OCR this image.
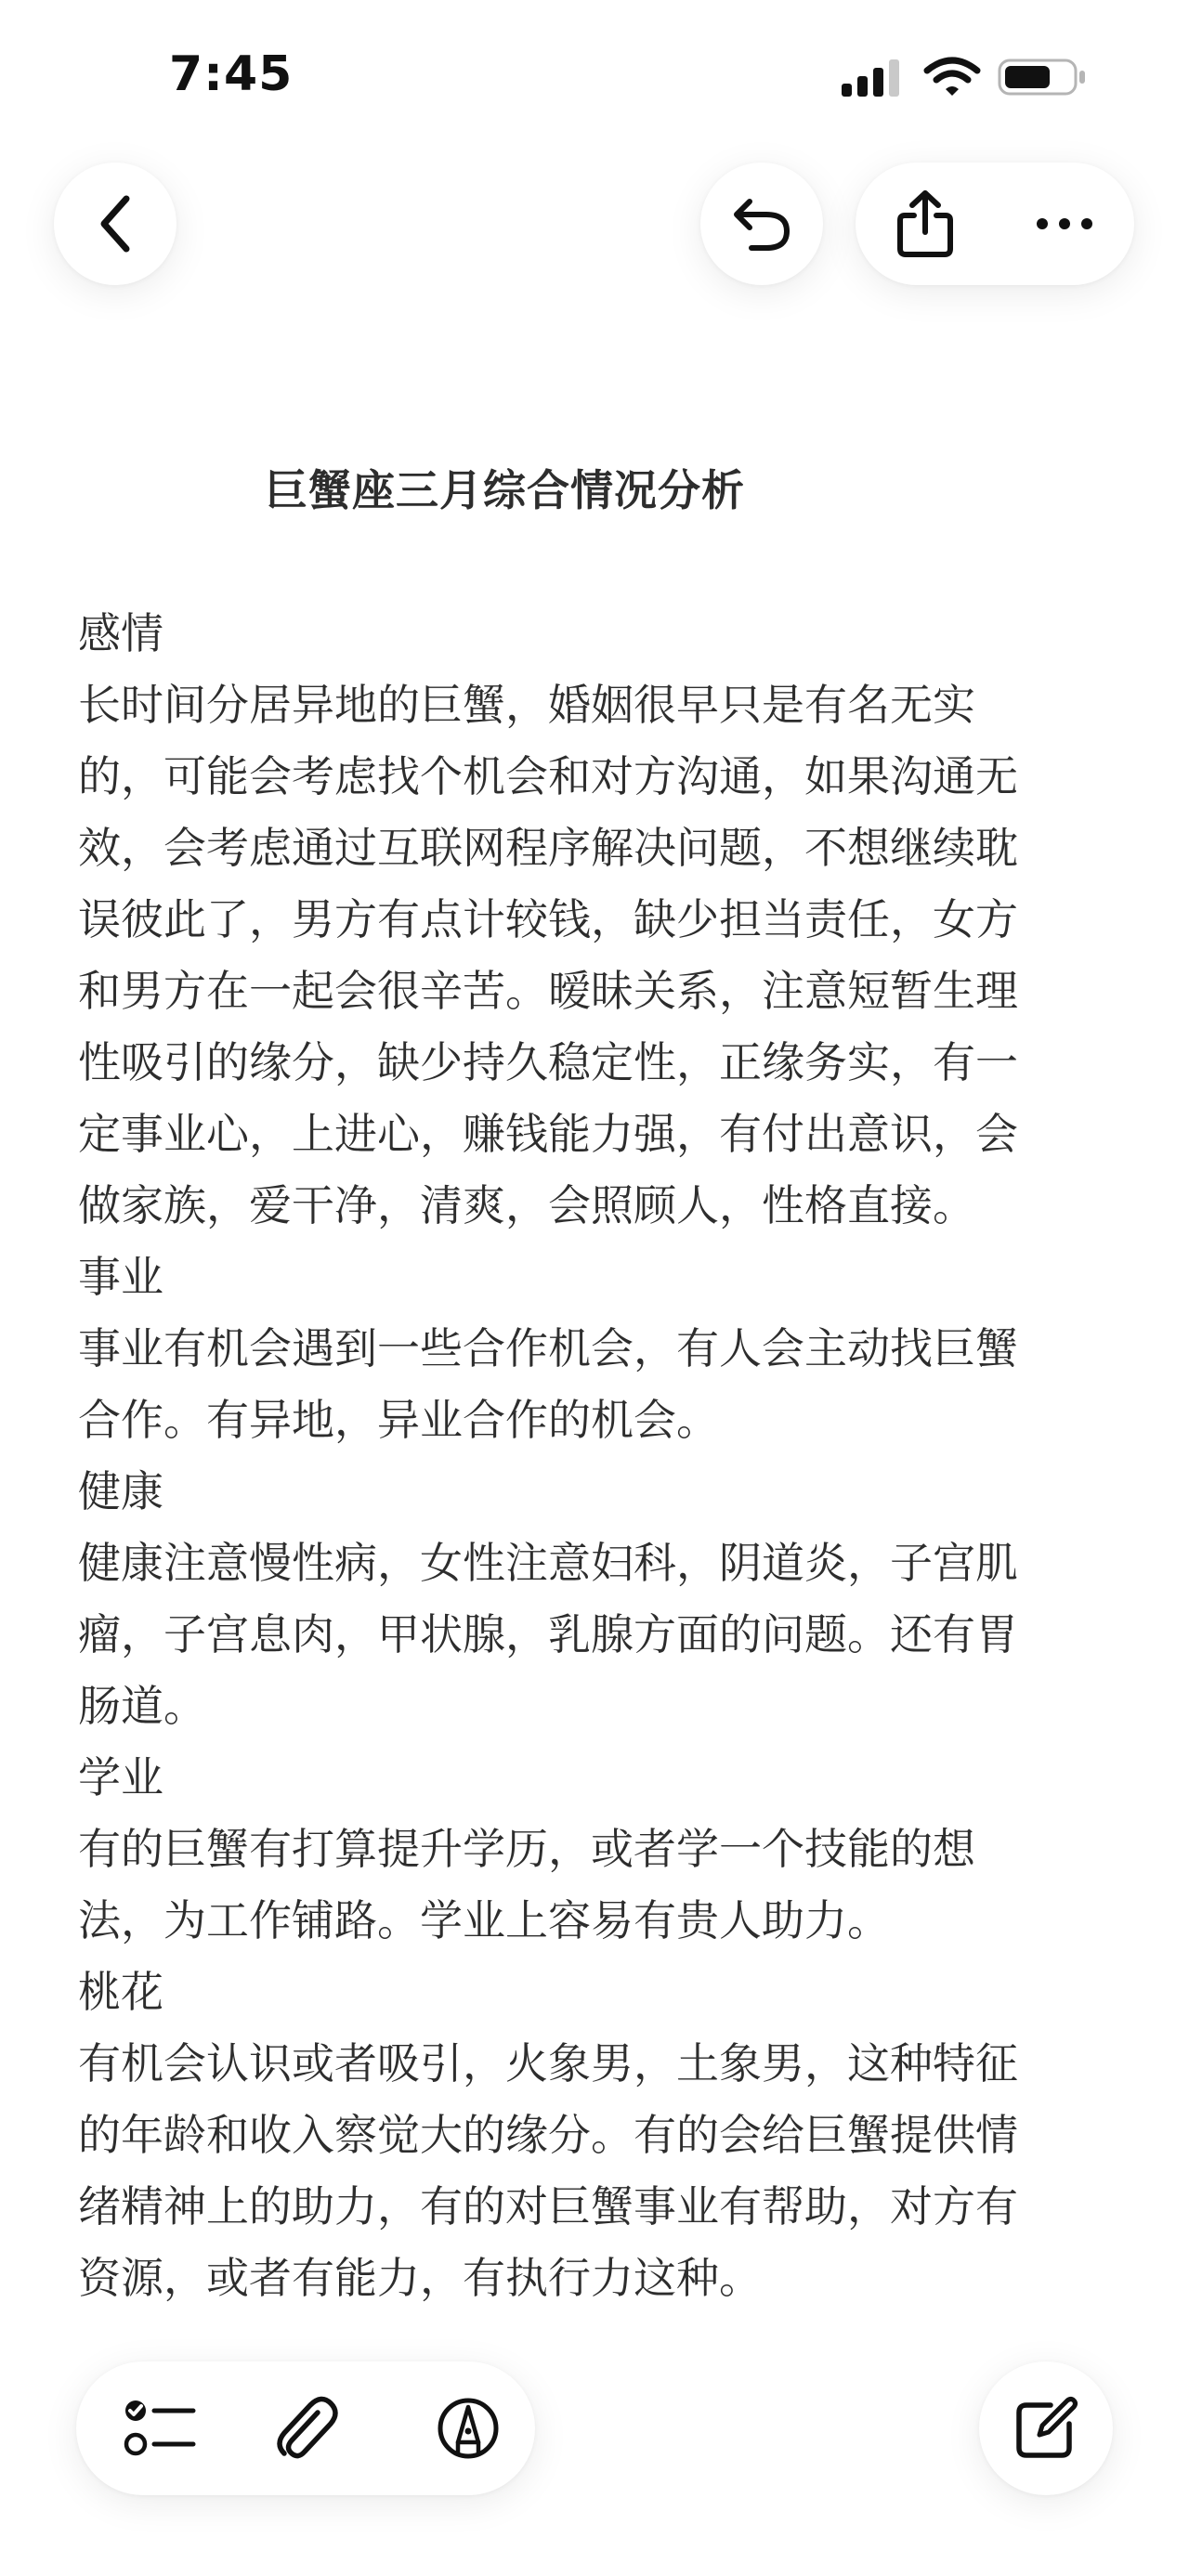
7:45
巨蟹座三月综合情况分析

感情

长时间分居异地的巨蟹，婚姻很早只是有名无实

的，可能会考虑找个机会和对方沟通，如果沟通无

效，会考虑通过互联网程序解决问题，不想继续耽

误彼此了，男方有点计较钱，缺少担当责任，女方

和男方在一起会很辛苦。暧昧关系，注意短暂生理

性吸引的缘分，缺少持久稳定性，正缘务实，有一

定事业心，上进心，赚钱能力强，有付出意识，会

做家族，爱干净，清爽，会照顾人，性格直接。

事业

事业有机会遇到一些合作机会，有人会主动找巨蟹

合作。有异地，异业合作的机会。

健康

健康注意慢性病，女性注意妇科，阴道炎，子宫肌

瘤，子宫息肉，甲状腺，乳腺方面的问题。还有胃

肠道。

学业

有的巨蟹有打算提升学历，或者学一个技能的想

法，为工作铺路。学业上容易有贵人助力。

桃花

有机会认识或者吸引，火象男，土象男，这种特征

的年龄和收入察觉大的缘分。有的会给巨蟹提供情

绪精神上的助力，有的对巨蟹事业有帮助，对方有

资源，或者有能力，有执行力这种。
